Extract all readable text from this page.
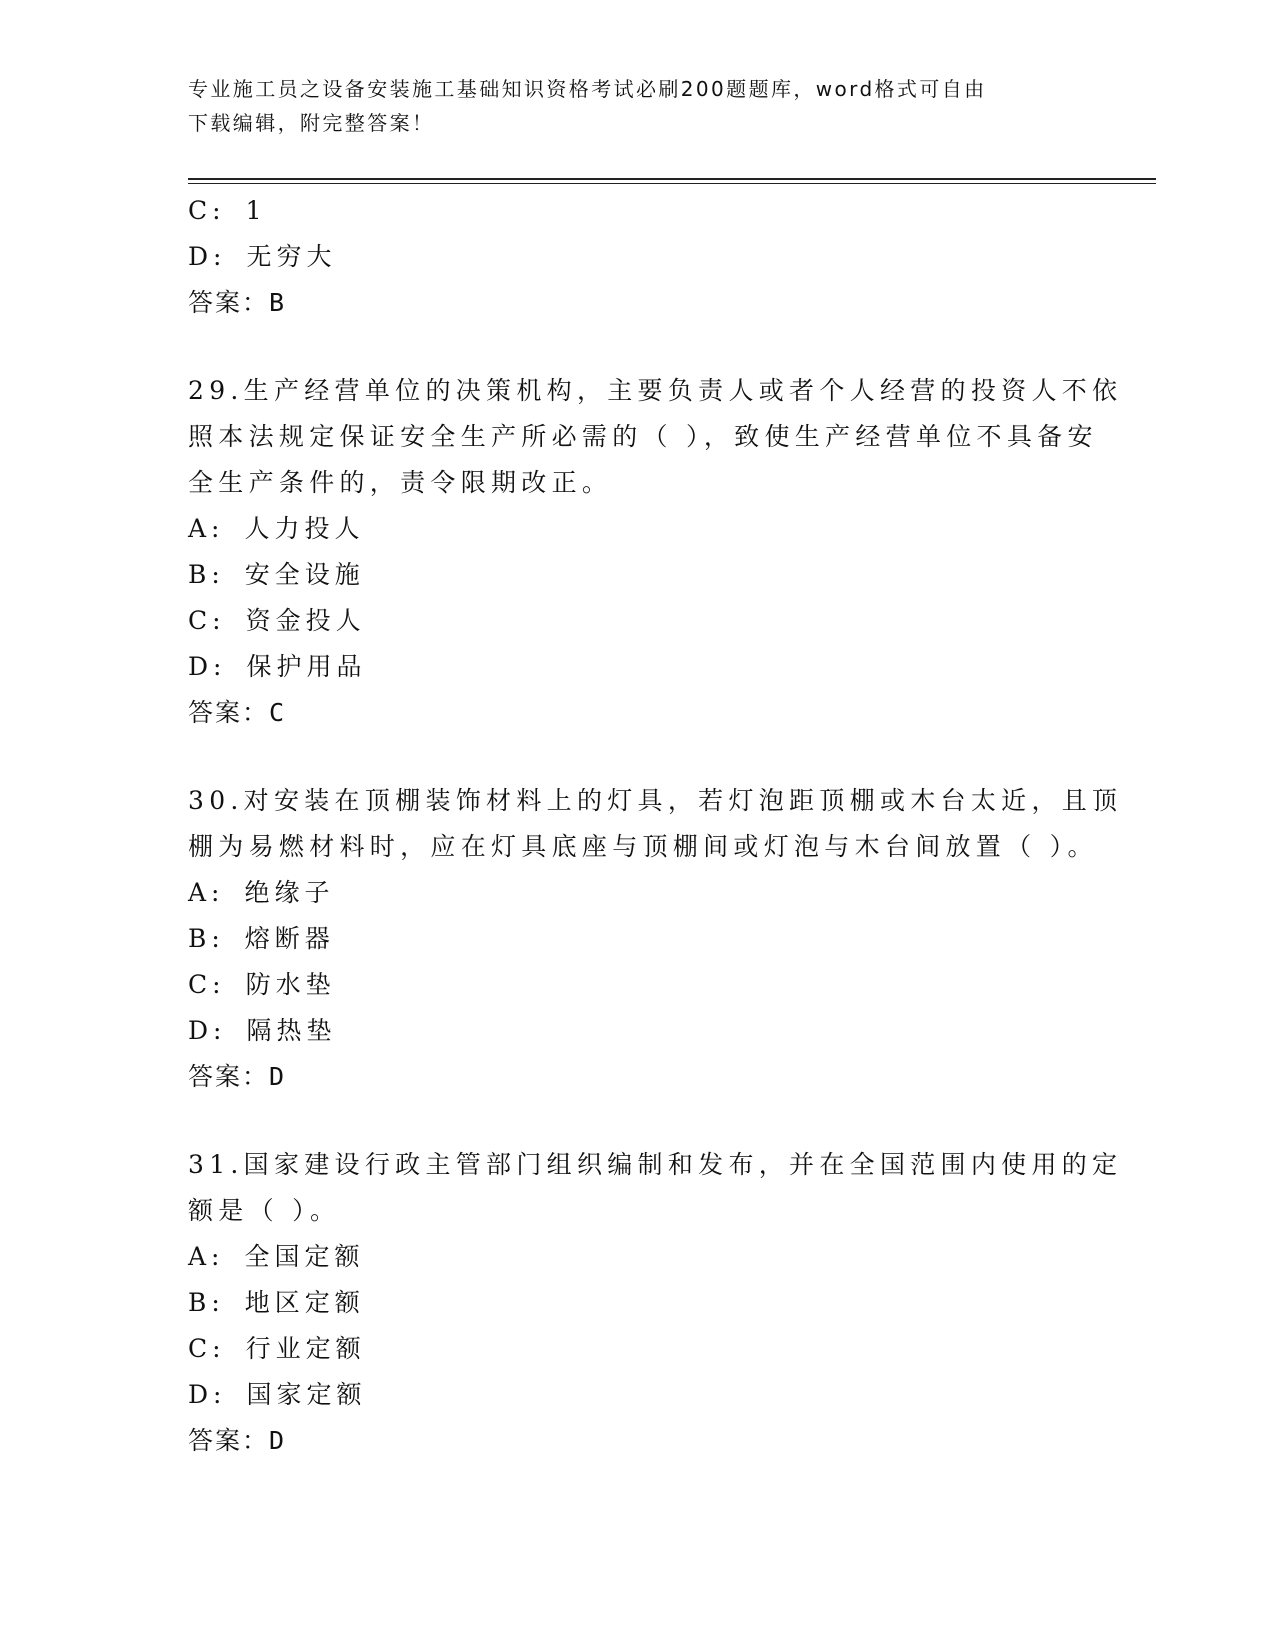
专业施工员之设备安装施工基础知识资格考试必刷200题题库，word格式可自由
下载编辑，附完整答案！
C: 1
D: 无穷大
答案：B
29.生产经营单位的决策机构，主要负责人或者个人经营的投资人不依
照本法规定保证安全生产所必需的（ ），致使生产经营单位不具备安
全生产条件的，责令限期改正。
A: 人力投人
B: 安全设施
C: 资金投人
D: 保护用品
答案：C
30.对安装在顶棚装饰材料上的灯具，若灯泡距顶棚或木台太近，且顶
棚为易燃材料时，应在灯具底座与顶棚间或灯泡与木台间放置（ ）。
A: 绝缘子
B: 熔断器
C: 防水垫
D: 隔热垫
答案：D
31.国家建设行政主管部门组织编制和发布，并在全国范围内使用的定
额是（ ）。
A: 全国定额
B: 地区定额
C: 行业定额
D: 国家定额
答案：D
